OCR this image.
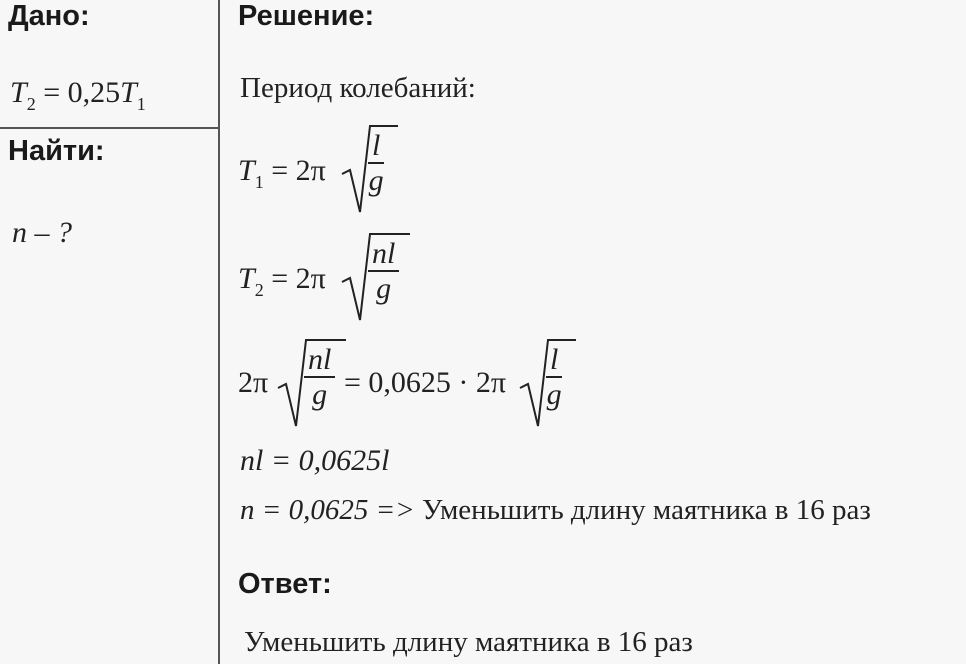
Дано:
$T_2 = 0,25T_1$
Найти:
n – ?
Решение:
Период колебаний:
$T_1 = 2\pi \frac{l}{g}$
$T_2 = 2\pi \frac{nl}{g}$
$2\pi \frac{nl}{g} = 0,0625 \cdot 2\pi \frac{l}{g}$
nl = 0,0625l
n = 0,0625 => Уменьшить длину маятника в 16 раз
Ответ:
Уменьшить длину маятника в 16 раз
